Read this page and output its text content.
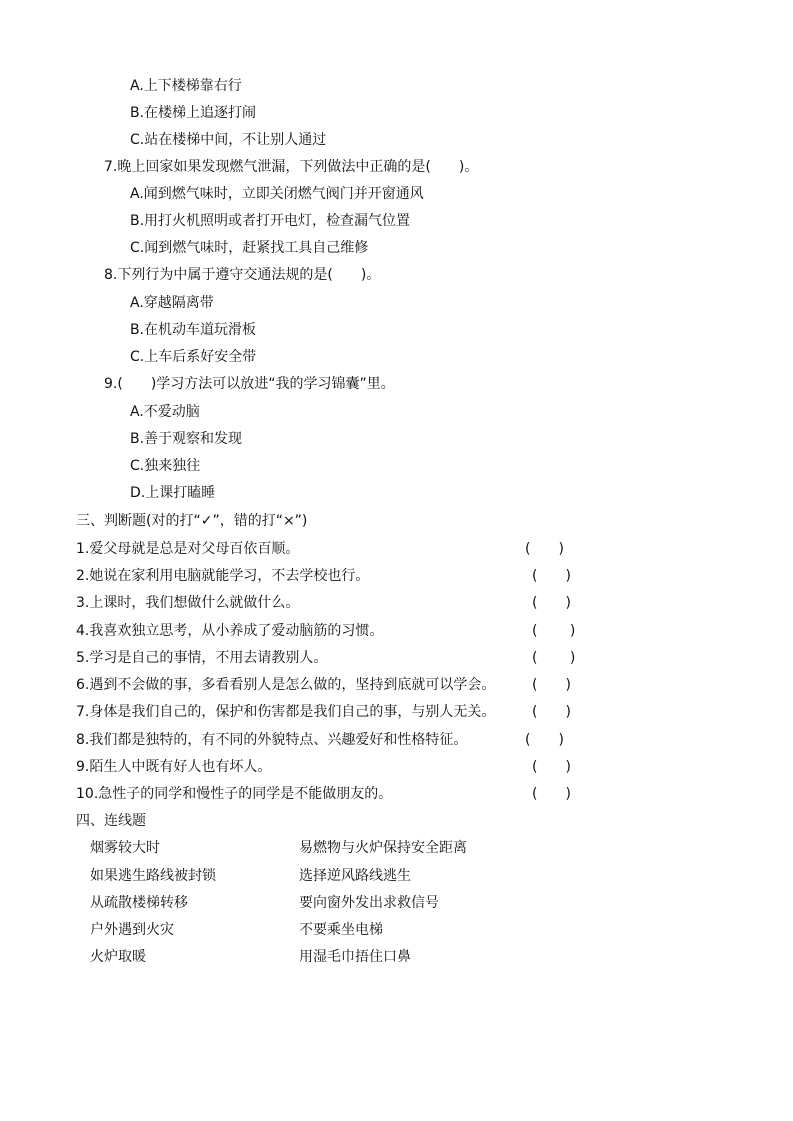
A.上下楼梯靠右行
B.在楼梯上追逐打闹
C.站在楼梯中间，不让别人通过
7.晚上回家如果发现燃气泄漏，下列做法中正确的是(　　)。
A.闻到燃气味时，立即关闭燃气阀门并开窗通风
B.用打火机照明或者打开电灯，检查漏气位置
C.闻到燃气味时，赶紧找工具自己维修
8.下列行为中属于遵守交通法规的是(　　)。
A.穿越隔离带
B.在机动车道玩滑板
C.上车后系好安全带
9.(　　)学习方法可以放进“我的学习锦囊”里。
A.不爱动脑
B.善于观察和发现
C.独来独往
D.上课打瞌睡
三、判断题(对的打“✓”，错的打“×”)
1.爱父母就是总是对父母百依百顺。	(　　)
2.她说在家利用电脑就能学习，不去学校也行。	(　　)
3.上课时，我们想做什么就做什么。	(　　)
4.我喜欢独立思考，从小养成了爱动脑筋的习惯。	(　　 )
5.学习是自己的事情，不用去请教别人。	(　　 )
6.遇到不会做的事，多看看别人是怎么做的，坚持到底就可以学会。	(　　)
7.身体是我们自己的，保护和伤害都是我们自己的事，与别人无关。	(　　)
8.我们都是独特的，有不同的外貌特点、兴趣爱好和性格特征。	(　　)
9.陌生人中既有好人也有坏人。	(　　)
10.急性子的同学和慢性子的同学是不能做朋友的。	(　　)
四、连线题
烟雾较大时	易燃物与火炉保持安全距离
如果逃生路线被封锁	选择逆风路线逃生
从疏散楼梯转移	要向窗外发出求救信号
户外遇到火灾	不要乘坐电梯
火炉取暖	用湿毛巾捂住口鼻
